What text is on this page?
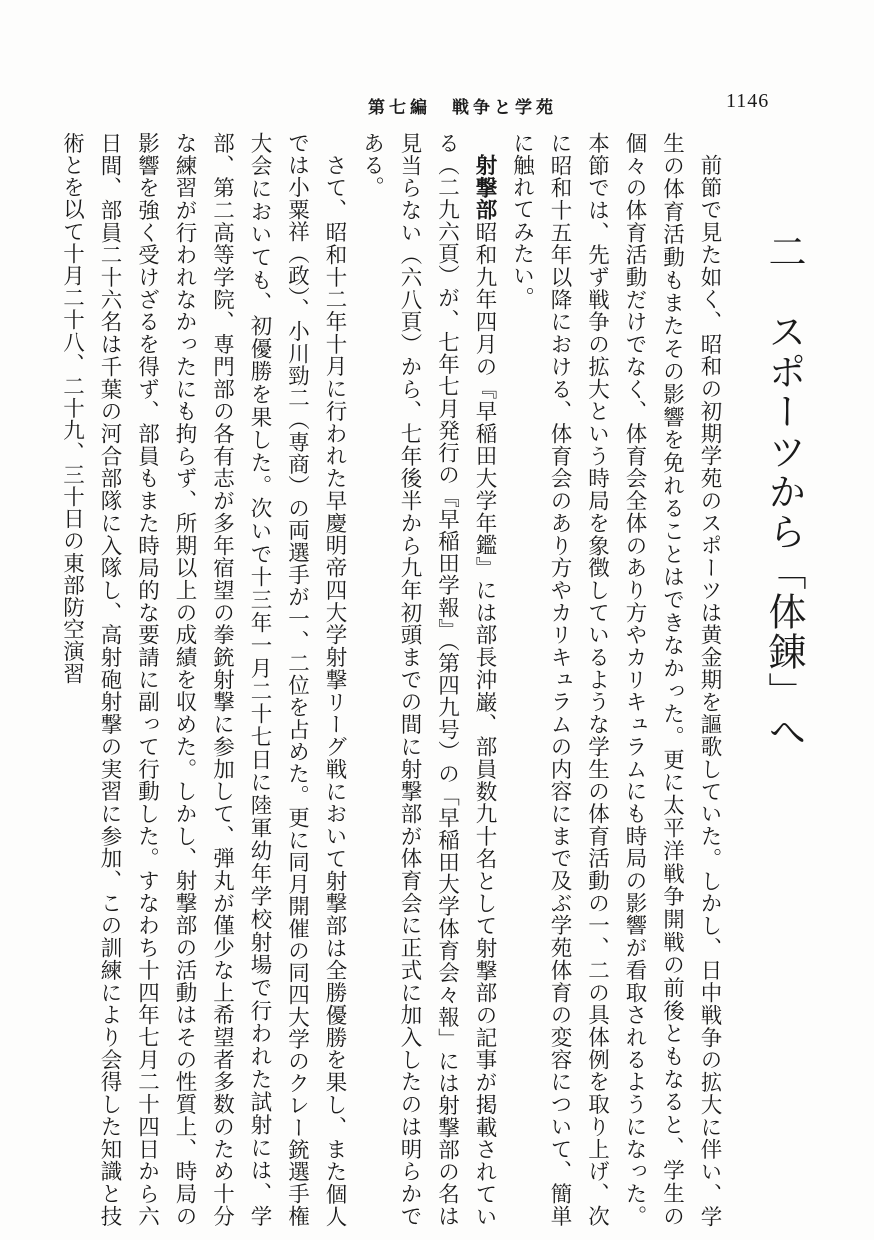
第七編　戦争と学苑	1146
二　スポーツから「体錬」へ

前節で見た如く、昭和の初期学苑のスポーツは黄金期を謳歌していた。しかし、日中戦争の拡大に伴い、学生の体育活動もまたその影響を免れることはできなかった。更に太平洋戦争開戦の前後ともなると、学生の個々の体育活動だけでなく、体育会全体のあり方やカリキュラムにも時局の影響が看取されるようになった。本節では、先ず戦争の拡大という時局を象徴しているような学生の体育活動の一、二の具体例を取り上げ、次に昭和十五年以降における、体育会のあり方やカリキュラムの内容にまで及ぶ学苑体育の変容について、簡単に触れてみたい。

射撃部昭和九年四月の『早稲田大学年鑑』には部長沖巌、部員数九十名として射撃部の記事が掲載されている（二九六頁）が、七年七月発行の『早稲田学報』（第四九号）の「早稲田大学体育会々報」には射撃部の名は見当らない（六八頁）から、七年後半から九年初頭までの間に射撃部が体育会に正式に加入したのは明らかである。

さて、昭和十二年十月に行われた早慶明帝四大学射撃リーグ戦において射撃部は全勝優勝を果し、また個人では小粟祥（政）、小川勁二（専商）の両選手が一、二位を占めた。更に同月開催の同四大学のクレー銃選手権大会においても、初優勝を果した。次いで十三年一月二十七日に陸軍幼年学校射場で行われた試射には、学部、第二高等学院、専門部の各有志が多年宿望の拳銃射撃に参加して、弾丸が僅少な上希望者多数のため十分な練習が行われなかったにも拘らず、所期以上の成績を収めた。しかし、射撃部の活動はその性質上、時局の影響を強く受けざるを得ず、部員もまた時局的な要請に副って行動した。すなわち十四年七月二十四日から六日間、部員二十六名は千葉の河合部隊に入隊し、高射砲射撃の実習に参加、この訓練により会得した知識と技術とを以て十月二十八、二十九、三十日の東部防空演習
